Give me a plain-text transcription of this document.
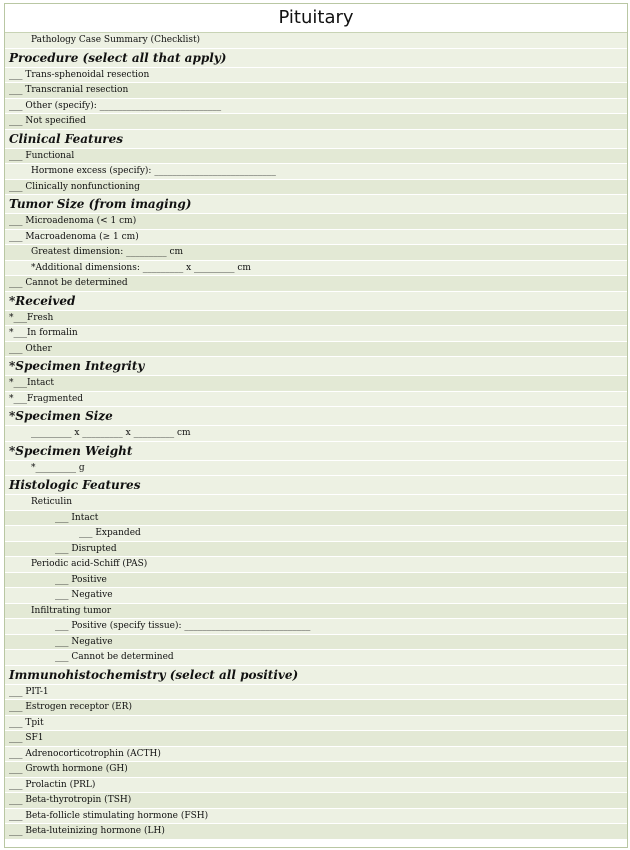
Pituitary
Pathology Case Summary (Checklist)
Procedure (select all that apply)
___ Trans-sphenoidal resection
___ Transcranial resection
___ Other (specify): ___________________________
___ Not specified
Clinical Features
___ Functional
Hormone excess (specify): ___________________________
___ Clinically nonfunctioning
Tumor Size (from imaging)
___ Microadenoma (< 1 cm)
___ Macroadenoma (≥ 1 cm)
Greatest dimension: _________ cm
*Additional dimensions: _________ x _________ cm
___ Cannot be determined
*Received
*___Fresh
*___In formalin
___ Other
*Specimen Integrity
*___Intact
*___Fragmented
*Specimen Size
_________ x _________ x _________ cm
*Specimen Weight
*_________ g
Histologic Features
Reticulin
___ Intact
___ Expanded
___ Disrupted
Periodic acid-Schiff (PAS)
___ Positive
___ Negative
Infiltrating tumor
___ Positive (specify tissue): ____________________________
___ Negative
___ Cannot be determined
Immunohistochemistry (select all positive)
___ PIT-1
___ Estrogen receptor (ER)
___ Tpit
___ SF1
___ Adrenocorticotrophin (ACTH)
___ Growth hormone (GH)
___ Prolactin (PRL)
___ Beta-thyrotropin (TSH)
___ Beta-follicle stimulating hormone (FSH)
___ Beta-luteinizing hormone (LH)
